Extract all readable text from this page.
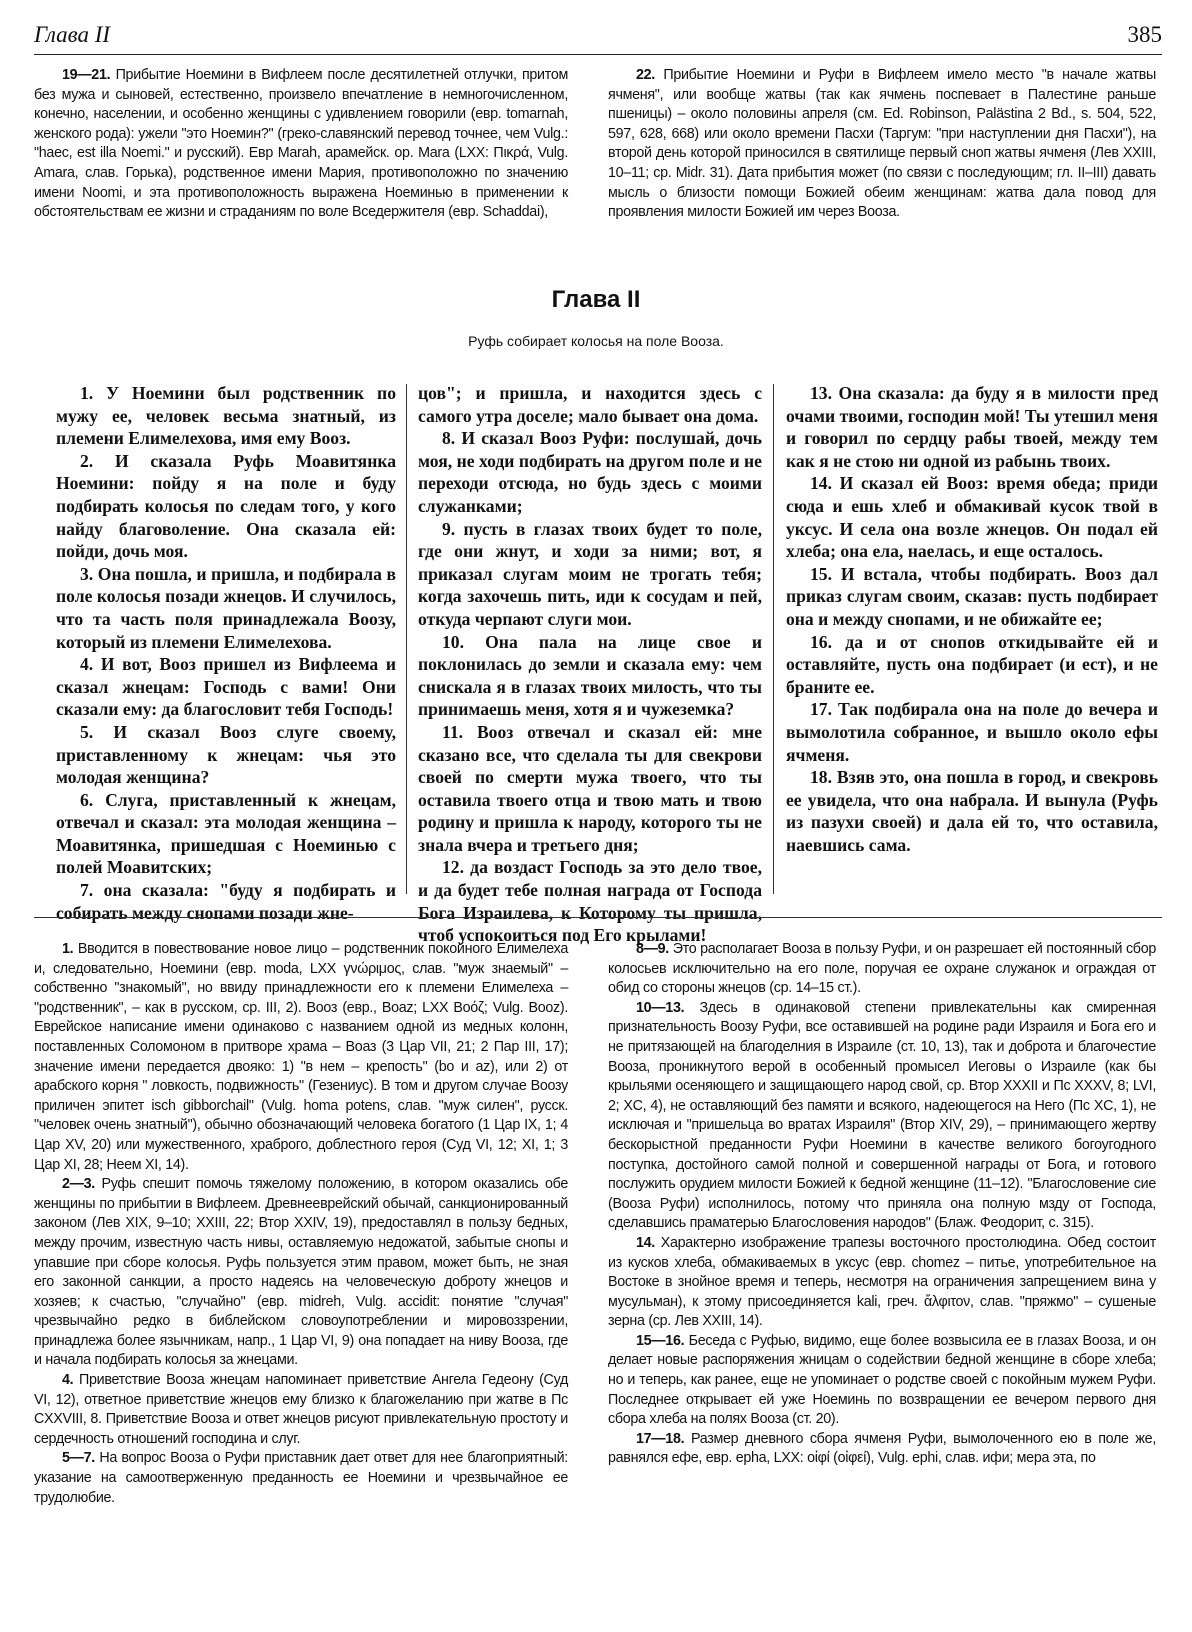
Глава II	385

19—21. Прибытие Ноемини в Вифлеем после десятилетней отлучки, притом без мужа и сыновей, естественно, произвело впечатление в немногочисленном, конечно, населении, и особенно женщины с удивлением говорили (евр. tomarnah, женского рода): ужели "это Ноемин?" (греко-славянский перевод точнее, чем Vulg.: "haec, est illa Noemi." и русский). Евр Marah, арамейск. ор. Mara (LXX: Πικρά, Vulg. Amara, слав. Горька), родственное имени Мария, противоположно по значению имени Noomi, и эта противоположность выражена Ноеминью в применении к обстоятельствам ее жизни и страданиям по воле Вседержителя (евр. Schaddai),

22. Прибытие Ноемини и Руфи в Вифлеем имело место "в начале жатвы ячменя", или вообще жатвы (так как ячмень поспевает в Палестине раньше пшеницы) – около половины апреля (см. Ed. Robinson, Palästina 2 Bd., s. 504, 522, 597, 628, 668) или около времени Пасхи (Таргум: "при наступлении дня Пасхи"), на второй день которой приносился в святилище первый сноп жатвы ячменя (Лев XXIII, 10–11; ср. Midr. 31). Дата прибытия может (по связи с последующим; гл. II–III) давать мысль о близости помощи Божией обеим женщинам: жатва дала повод для проявления милости Божией им через Вооза.

Глава II
Руфь собирает колосья на поле Вооза.

1. У Ноемини был родственник по мужу ее, человек весьма знатный, из племени Елимелехова, имя ему Вооз.

2. И сказала Руфь Моавитянка Ноемини: пойду я на поле и буду подбирать колосья по следам того, у кого найду благоволение. Она сказала ей: пойди, дочь моя.

3. Она пошла, и пришла, и подбирала в поле колосья позади жнецов. И случилось, что та часть поля принадлежала Воозу, который из племени Елимелехова.

4. И вот, Вооз пришел из Вифлеема и сказал жнецам: Господь с вами! Они сказали ему: да благословит тебя Господь!

5. И сказал Вооз слуге своему, приставленному к жнецам: чья это молодая женщина?

6. Слуга, приставленный к жнецам, отвечал и сказал: эта молодая женщина – Моавитянка, пришедшая с Ноеминью с полей Моавитских;

7. она сказала: "буду я подбирать и собирать между снопами позади жне-

цов"; и пришла, и находится здесь с самого утра доселе; мало бывает она дома.

8. И сказал Вооз Руфи: послушай, дочь моя, не ходи подбирать на другом поле и не переходи отсюда, но будь здесь с моими служанками;

9. пусть в глазах твоих будет то поле, где они жнут, и ходи за ними; вот, я приказал слугам моим не трогать тебя; когда захочешь пить, иди к сосудам и пей, откуда черпают слуги мои.

10. Она пала на лице свое и поклонилась до земли и сказала ему: чем снискала я в глазах твоих милость, что ты принимаешь меня, хотя я и чужеземка?

11. Вооз отвечал и сказал ей: мне сказано все, что сделала ты для свекрови своей по смерти мужа твоего, что ты оставила твоего отца и твою мать и твою родину и пришла к народу, которого ты не знала вчера и третьего дня;

12. да воздаст Господь за это дело твое, и да будет тебе полная награда от Господа Бога Израилева, к Которому ты пришла, чтоб успокоиться под Его крылами!

13. Она сказала: да буду я в милости пред очами твоими, господин мой! Ты утешил меня и говорил по сердцу рабы твоей, между тем как я не стою ни одной из рабынь твоих.

14. И сказал ей Вооз: время обеда; приди сюда и ешь хлеб и обмакивай кусок твой в уксус. И села она возле жнецов. Он подал ей хлеба; она ела, наелась, и еще осталось.

15. И встала, чтобы подбирать. Вооз дал приказ слугам своим, сказав: пусть подбирает она и между снопами, и не обижайте ее;

16. да и от снопов откидывайте ей и оставляйте, пусть она подбирает (и ест), и не браните ее.

17. Так подбирала она на поле до вечера и вымолотила собранное, и вышло около ефы ячменя.

18. Взяв это, она пошла в город, и свекровь ее увидела, что она набрала. И вынула (Руфь из пазухи своей) и дала ей то, что оставила, наевшись сама.

1. Вводится в повествование новое лицо – родственник покойного Елимелеха и, следовательно, Ноемини (евр. moda, LXX γνώριμος, слав. "муж знаемый" – собственно "знакомый", но ввиду принадлежности его к племени Елимелеха – "родственник", – как в русском, ср. III, 2). Вооз (евр., Boaz; LXX Βοόζ; Vulg. Booz). Еврейское написание имени одинаково с названием одной из медных колонн, поставленных Соломоном в притворе храма – Воаз (3 Цар VII, 21; 2 Пар III, 17); значение имени передается двояко: 1) "в нем – крепость" (bo и az), или 2) от арабского корня " ловкость, подвижность" (Гезениус). В том и другом случае Воозу приличен эпитет isch gibborchail" (Vulg. homa potens, слав. "муж силен", русск. "человек очень знатный"), обычно обозначающий человека богатого (1 Цар IX, 1; 4 Цар XV, 20) или мужественного, храброго, доблестного героя (Суд VI, 12; XI, 1; 3 Цар XI, 28; Неем XI, 14).

2—3. Руфь спешит помочь тяжелому положению, в котором оказались обе женщины по прибытии в Вифлеем. Древнееврейский обычай, санкционированный законом (Лев XIX, 9–10; XXIII, 22; Втор XXIV, 19), предоставлял в пользу бедных, между прочим, известную часть нивы, оставляемую недожатой, забытые снопы и упавшие при сборе колосья. Руфь пользуется этим правом, может быть, не зная его законной санкции, а просто надеясь на человеческую доброту жнецов и хозяев; к счастью, "случайно" (евр. midreh, Vulg. accidit: понятие "случая" чрезвычайно редко в библейском словоупотреблении и мировоззрении, принадлежа более язычникам, напр., 1 Цар VI, 9) она попадает на ниву Вооза, где и начала подбирать колосья за жнецами.

4. Приветствие Вооза жнецам напоминает приветствие Ангела Гедеону (Суд VI, 12), ответное приветствие жнецов ему близко к благожеланию при жатве в Пс CXXVIII, 8. Приветствие Вооза и ответ жнецов рисуют привлекательную простоту и сердечность отношений господина и слуг.

5—7. На вопрос Вооза о Руфи приставник дает ответ для нее благоприятный: указание на самоотверженную преданность ее Ноемини и чрезвычайное ее трудолюбие.

8—9. Это располагает Вооза в пользу Руфи, и он разрешает ей постоянный сбор колосьев исключительно на его поле, поручая ее охране служанок и ограждая от обид со стороны жнецов (ср. 14–15 ст.).

10—13. Здесь в одинаковой степени привлекательны как смиренная признательность Воозу Руфи, все оставившей на родине ради Израиля и Бога его и не притязающей на благоделния в Израиле (ст. 10, 13), так и доброта и благочестие Вооза, проникнутого верой в особенный промысел Иеговы о Израиле (как бы крыльями осеняющего и защищающего народ свой, ср. Втор XXXII и Пс XXXV, 8; LVI, 2; XC, 4), не оставляющий без памяти и всякого, надеющегося на Него (Пс XC, 1), не исключая и "пришельца во вратах Израиля" (Втор XIV, 29), – принимающего жертву бескорыстной преданности Руфи Ноемини в качестве великого богоугодного поступка, достойного самой полной и совершенной награды от Бога, и готового послужить орудием милости Божией к бедной женщине (11–12). "Благословение сие (Вооза Руфи) исполнилось, потому что приняла она полную мзду от Господа, сделавшись праматерью Благословения народов" (Блаж. Феодорит, с. 315).

14. Характерно изображение трапезы восточного простолюдина. Обед состоит из кусков хлеба, обмакиваемых в уксус (евр. chomez – питье, употребительное на Востоке в знойное время и теперь, несмотря на ограничения запрещением вина у мусульман), к этому присоединяется kali, греч. ἄλφιτον, слав. "пряжмо" – сушеные зерна (ср. Лев XXIII, 14).

15—16. Беседа с Руфью, видимо, еще более возвысила ее в глазах Вооза, и он делает новые распоряжения жницам о содействии бедной женщине в сборе хлеба; но и теперь, как ранее, еще не упоминает о родстве своей с покойным мужем Руфи. Последнее открывает ей уже Ноеминь по возвращении ее вечером первого дня сбора хлеба на полях Вооза (ст. 20).

17—18. Размер дневного сбора ячменя Руфи, вымолоченного ею в поле же, равнялся ефе, евр. epha, LXX: οἰφί (οἰφεί), Vulg. ephi, слав. ифи; мера эта, по
